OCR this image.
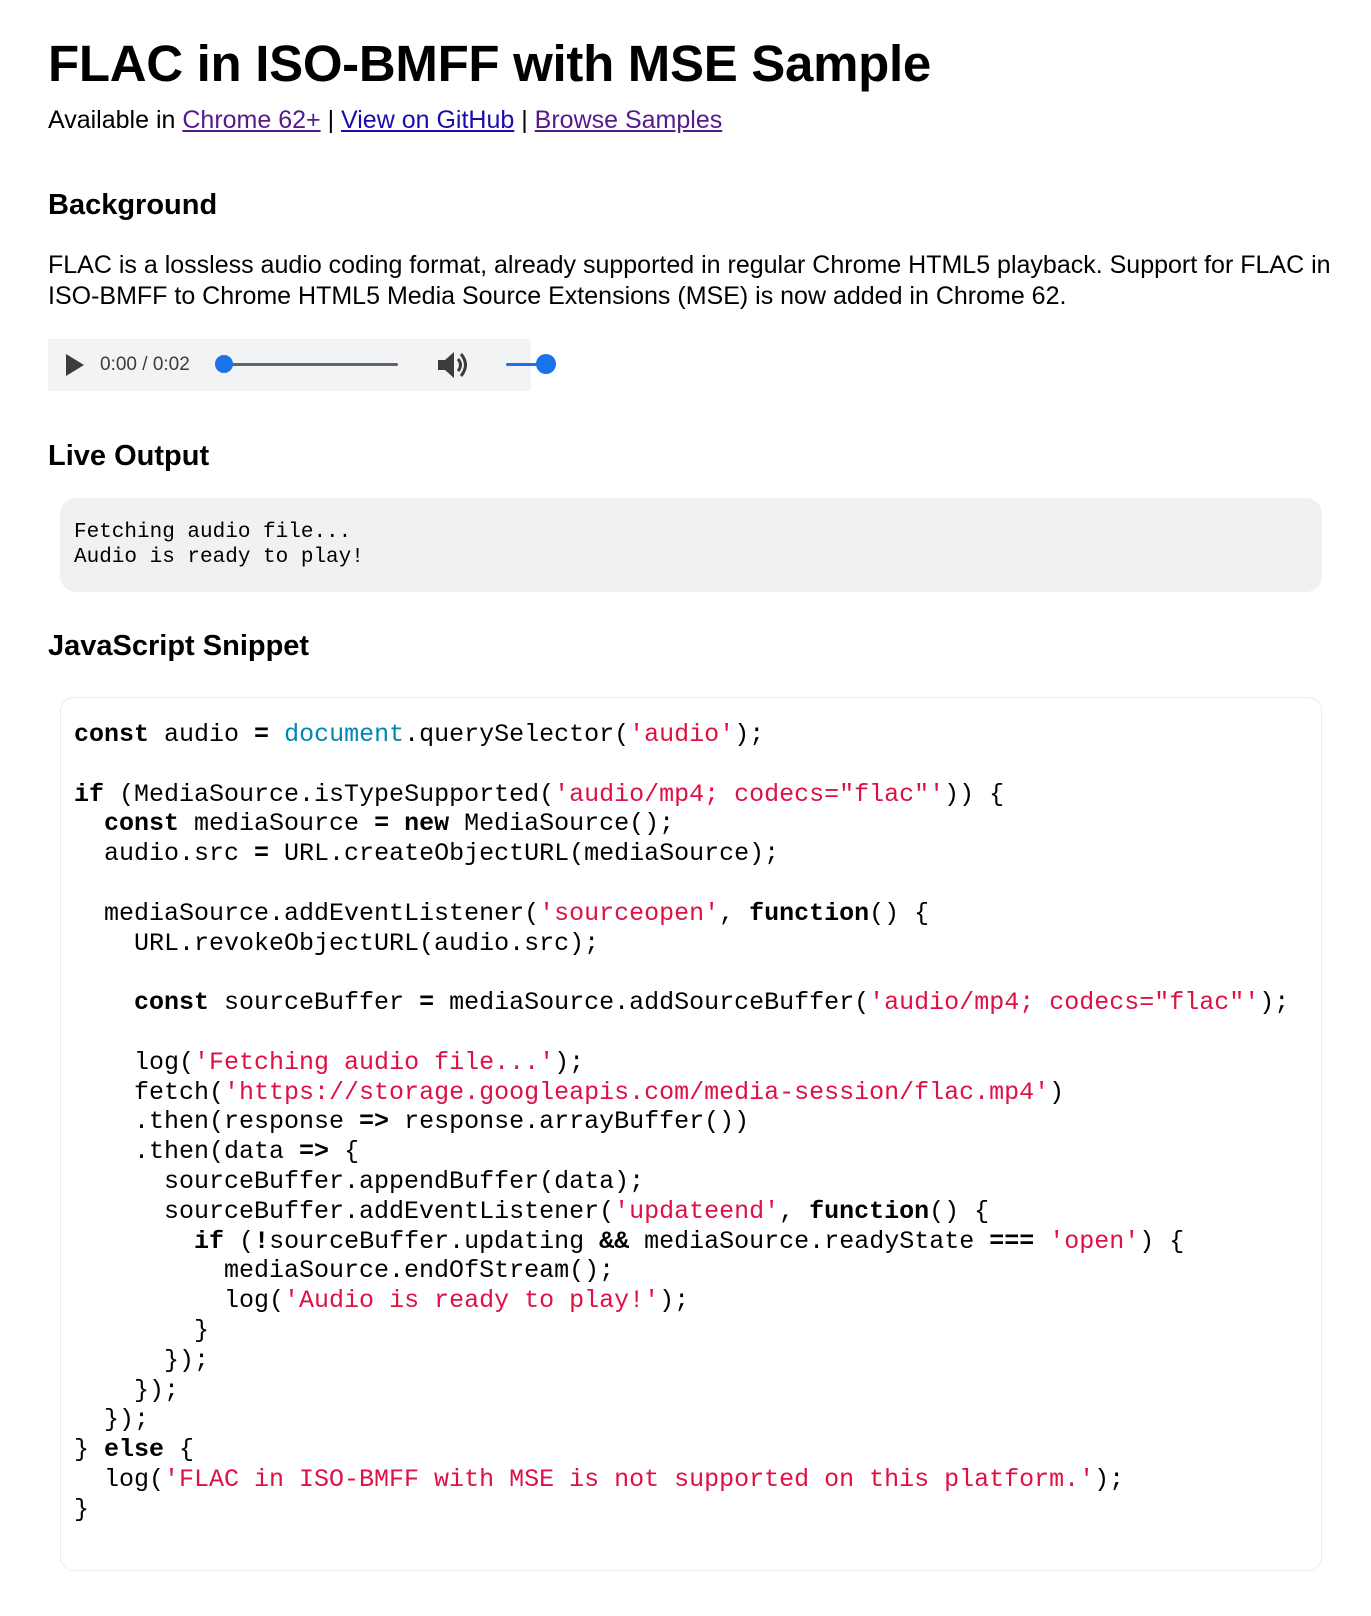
FLAC in ISO-BMFF with MSE Sample
Available in Chrome 62+ | View on GitHub | Browse Samples
Background
FLAC is a lossless audio coding format, already supported in regular Chrome HTML5 playback. Support for FLAC in ISO-BMFF to Chrome HTML5 Media Source Extensions (MSE) is now added in Chrome 62.
0:00 / 0:02
Live Output
Fetching audio file...
Audio is ready to play!
JavaScript Snippet
const audio = document.querySelector('audio');

if (MediaSource.isTypeSupported('audio/mp4; codecs="flac"')) {
const mediaSource = new MediaSource();
audio.src = URL.createObjectURL(mediaSource);

mediaSource.addEventListener('sourceopen', function() {
URL.revokeObjectURL(audio.src);

const sourceBuffer = mediaSource.addSourceBuffer('audio/mp4; codecs="flac"');

log('Fetching audio file...');
fetch('https://storage.googleapis.com/media-session/flac.mp4')
.then(response => response.arrayBuffer())
.then(data => {
sourceBuffer.appendBuffer(data);
sourceBuffer.addEventListener('updateend', function() {
if (!sourceBuffer.updating && mediaSource.readyState === 'open') {
mediaSource.endOfStream();
log('Audio is ready to play!');
}
});
});
});
} else {
log('FLAC in ISO-BMFF with MSE is not supported on this platform.');
}
